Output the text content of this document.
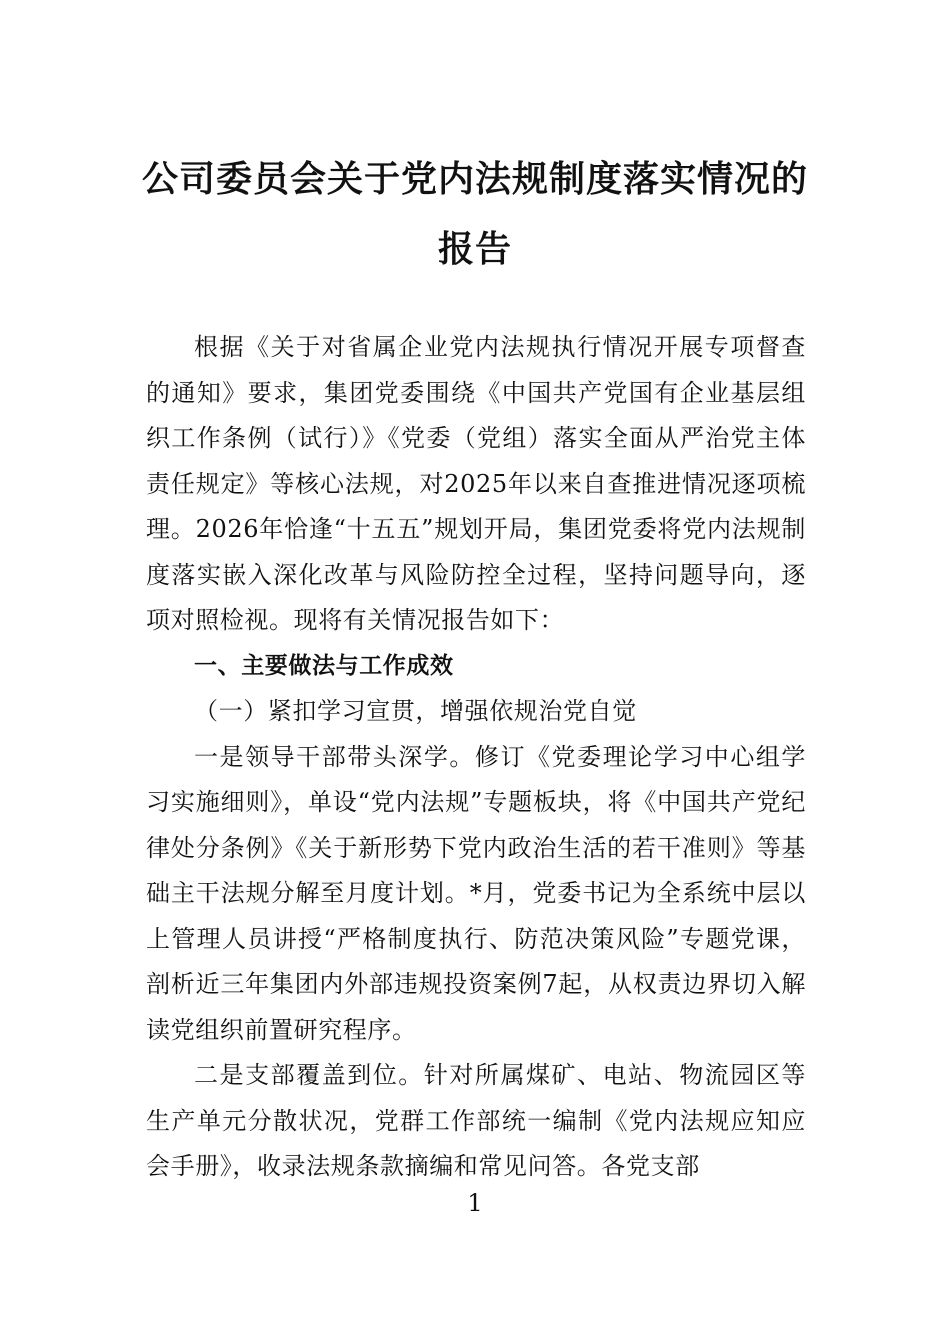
公司委员会关于党内法规制度落实情况的
报告

根据《关于对省属企业党内法规执行情况开展专项督查的通知》要求，集团党委围绕《中国共产党国有企业基层组织工作条例（试行）》《党委（党组）落实全面从严治党主体责任规定》等核心法规，对2025年以来自查推进情况逐项梳理。2026年恰逢“十五五”规划开局，集团党委将党内法规制度落实嵌入深化改革与风险防控全过程，坚持问题导向，逐项对照检视。现将有关情况报告如下：

一、主要做法与工作成效

（一）紧扣学习宣贯，增强依规治党自觉

一是领导干部带头深学。修订《党委理论学习中心组学习实施细则》，单设“党内法规”专题板块，将《中国共产党纪律处分条例》《关于新形势下党内政治生活的若干准则》等基础主干法规分解至月度计划。*月，党委书记为全系统中层以上管理人员讲授“严格制度执行、防范决策风险”专题党课，剖析近三年集团内外部违规投资案例7起，从权责边界切入解读党组织前置研究程序。

二是支部覆盖到位。针对所属煤矿、电站、物流园区等生产单元分散状况，党群工作部统一编制《党内法规应知应会手册》，收录法规条款摘编和常见问答。各党支部

1
